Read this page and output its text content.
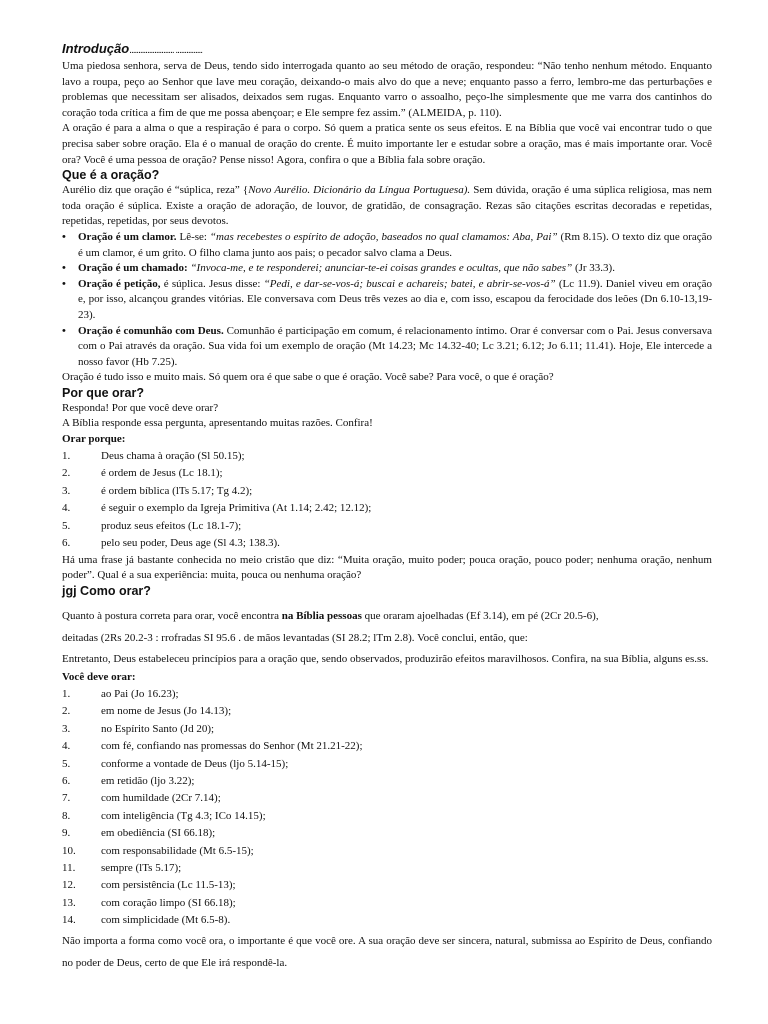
Introdução......................... ...............

Uma piedosa senhora, serva de Deus, tendo sido interrogada quanto ao seu método de oração, respondeu: “Não tenho nenhum método. Enquanto lavo a roupa, peço ao Senhor que lave meu coração, deixando-o mais alvo do que a neve; enquanto passo a ferro, lembro-me das perturbações e problemas que necessitam ser alisados, deixados sem rugas. Enquanto varro o assoalho, peço-lhe simplesmente que me varra dos cantinhos do coração toda crítica a fim de que me possa abençoar; e Ele sempre fez assim.” (ALMEIDA, p. 110).

A oração é para a alma o que a respiração é para o corpo. Só quem a pratica sente os seus efeitos. E na Bíblia que você vai encontrar tudo o que precisa saber sobre oração. Ela é o manual de oração do crente. É muito importante ler e estudar sobre a oração, mas é mais importante orar. Você ora? Você é uma pessoa de oração? Pense nisso! Agora, confira o que a Bíblia fala sobre oração.

Que é a oração?

Aurélio diz que oração é “súplica, reza” {Novo Aurélio. Dicionário da Língua Portuguesa). Sem dúvida, oração é uma súplica religiosa, mas nem toda oração é súplica. Existe a oração de adoração, de louvor, de gratidão, de consagração. Rezas são citações escritas decoradas e repetidas, repetidas, repetidas, por seus devotos.

• Oração é um clamor. Lê-se: “mas recebestes o espírito de adoção, baseados no qual clamamos: Aba, Pai” (Rm 8.15). O texto diz que oração é um clamor, é um grito. O filho clama junto aos pais; o pecador salvo clama a Deus.
• Oração é um chamado: “Invoca-me, e te responderei; anunciar-te-ei coisas grandes e ocultas, que não sabes” (Jr 33.3).
• Oração é petição, é súplica. Jesus disse: “Pedi, e dar-se-vos-á; buscai e achareis; batei, e abrir-se-vos-á” (Lc 11.9). Daniel viveu em oração e, por isso, alcançou grandes vitórias. Ele conversava com Deus três vezes ao dia e, com isso, escapou da ferocidade dos leões (Dn 6.10-13,19-23).
• Oração é comunhão com Deus. Comunhão é participação em comum, é relacionamento íntimo. Orar é conversar com o Pai. Jesus conversava com o Pai através da oração. Sua vida foi um exemplo de oração (Mt 14.23; Mc 14.32-40; Lc 3.21; 6.12; Jo 6.11; 11.41). Hoje, Ele intercede a nosso favor (Hb 7.25).

Oração é tudo isso e muito mais. Só quem ora é que sabe o que é oração. Você sabe? Para você, o que é oração?

Por que orar?

Responda! Por que você deve orar?

A Bíblia responde essa pergunta, apresentando muitas razões. Confira!

Orar porque:

1.	Deus chama à oração (Sl 50.15);
2.	é ordem de Jesus (Lc 18.1);
3.	é ordem bíblica (lTs 5.17; Tg 4.2);
4.	é seguir o exemplo da Igreja Primitiva (At 1.14; 2.42; 12.12);
5.	produz seus efeitos (Lc 18.1-7);
6.	pelo seu poder, Deus age (Sl 4.3; 138.3).

Há uma frase já bastante conhecida no meio cristão que diz: “Muita oração, muito poder; pouca oração, pouco poder; nenhuma oração, nenhum poder”. Qual é a sua experiência: muita, pouca ou nenhuma oração?

jgj Como orar?

Quanto à postura correta para orar, você encontra na Bíblia pessoas que oraram ajoelhadas (Ef 3.14), em pé (2Cr 20.5-6),

deitadas (2Rs 20.2-3 : rrofradas SI 95.6 . de mãos levantadas (SI 28.2; lTm 2.8). Você conclui, então, que:

Entretanto, Deus estabeleceu princípios para a oração que, sendo observados, produzirão efeitos maravilhosos. Confira, na sua Bíblia, alguns es.ss.

Você deve orar:

1.	ao Pai (Jo 16.23);
2.	em nome de Jesus (Jo 14.13);
3.	no Espírito Santo (Jd 20);
4.	com fé, confiando nas promessas do Senhor (Mt 21.21-22);
5.	conforme a vontade de Deus (ljo 5.14-15);
6.	em retidão (ljo 3.22);
7.	com humildade (2Cr 7.14);
8.	com inteligência (Tg 4.3; ICo 14.15);
9.	em obediência (SI 66.18);
10. com responsabilidade (Mt 6.5-15);
11. sempre (lTs 5.17);
12. com persistência (Lc 11.5-13);
13. com coração limpo (SI 66.18);
14. com simplicidade (Mt 6.5-8).

Não importa a forma como você ora, o importante é que você ore. A sua oração deve ser sincera, natural, submissa ao Espírito de Deus, confiando no poder de Deus, certo de que Ele irá respondê-la.
